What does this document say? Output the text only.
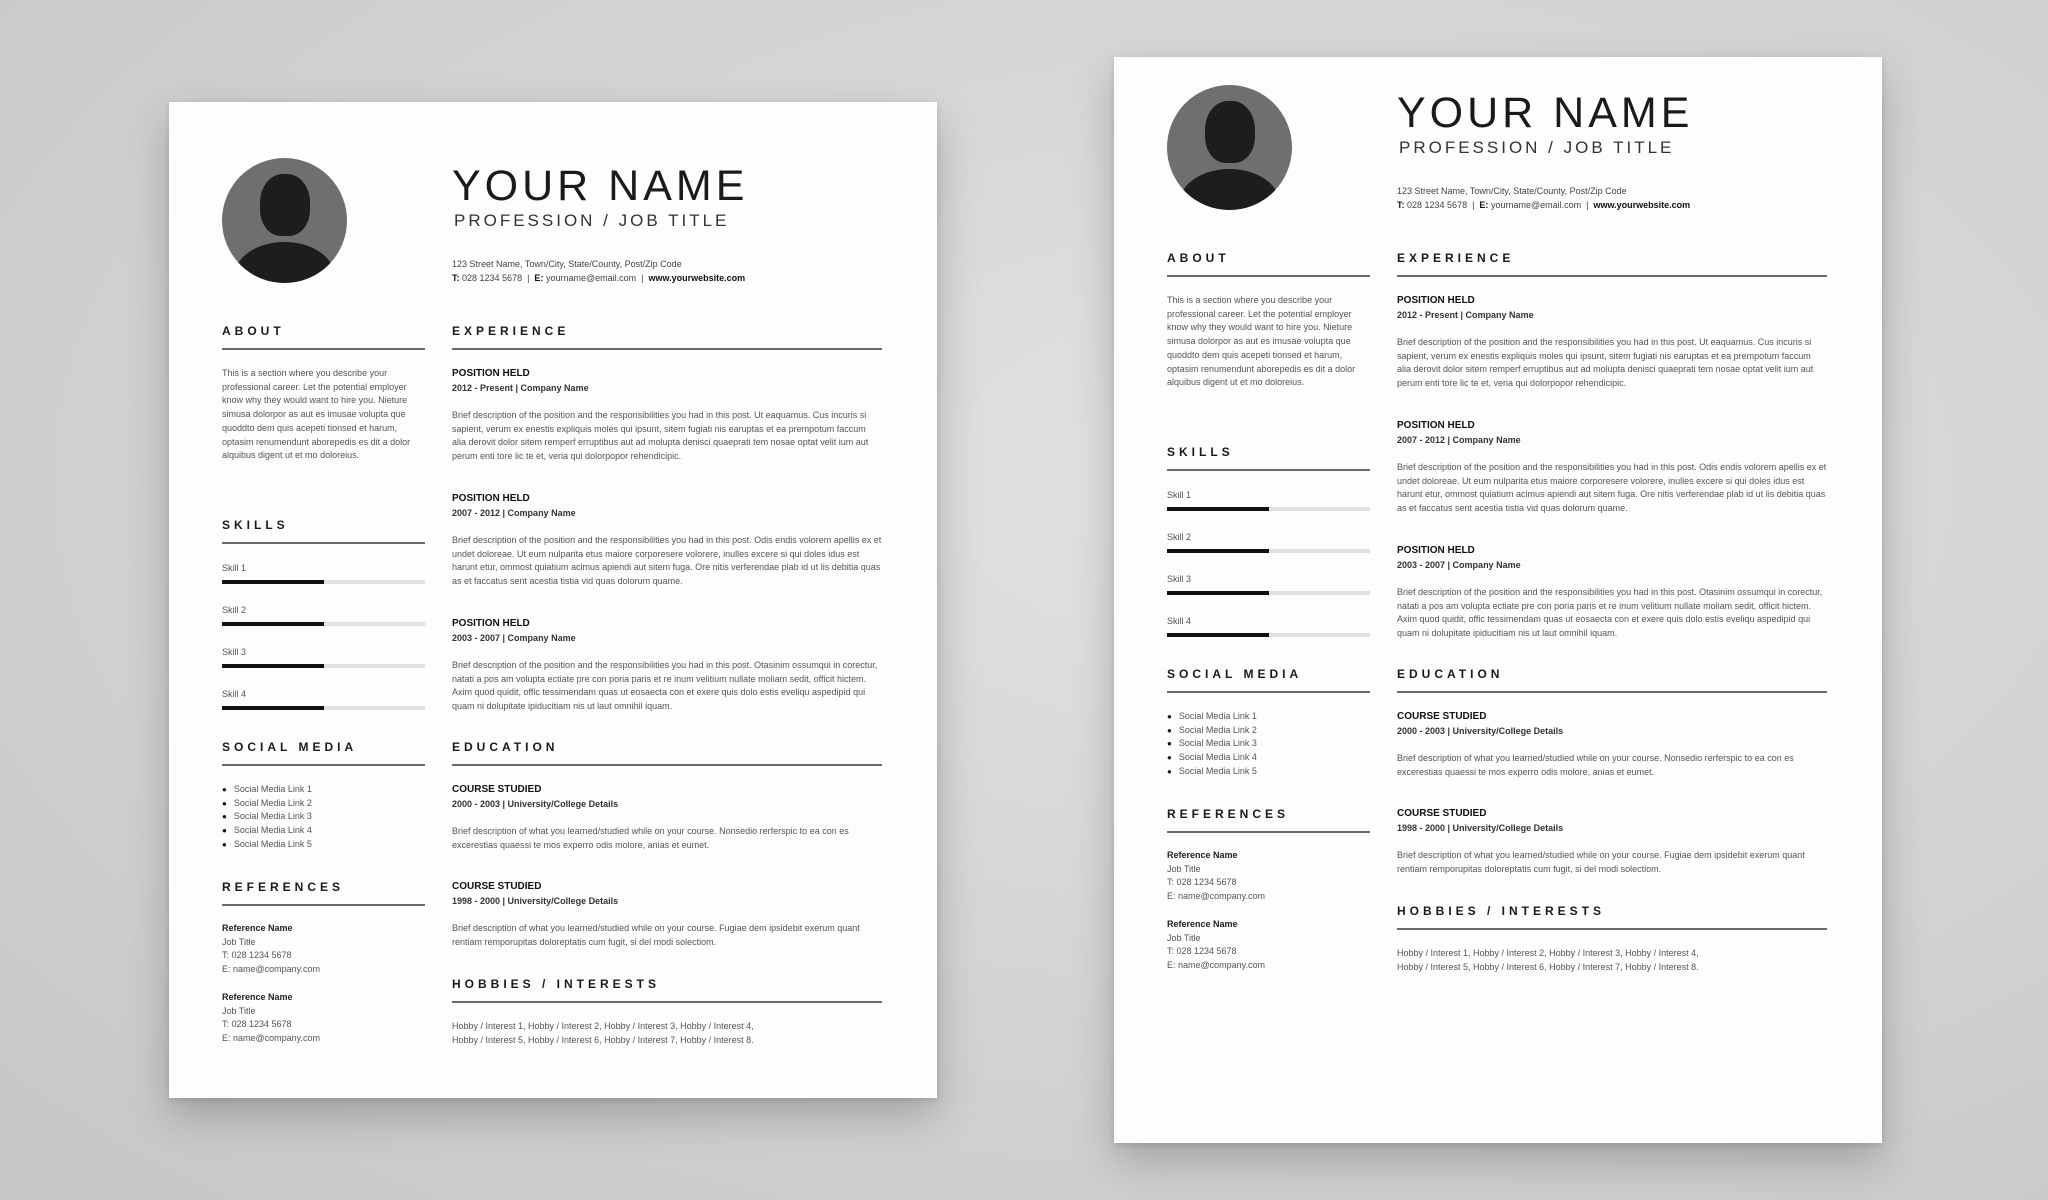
YOUR NAME
PROFESSION / JOB TITLE
123 Street Name, Town/City, State/County, Post/Zip Code
T: 028 1234 5678  |  E: yourname@email.com  |  www.yourwebsite.com
ABOUT
This is a section where you describe your professional career. Let the potential employer know why they would want to hire you. Nieture simusa dolorpor as aut es imusae volupta que quoddto dem quis acepeti tionsed et harum, optasim renumendunt aborepedis es dit a dolor alquibus digent ut et mo doloreius.
SKILLS
Skill 1
Skill 2
Skill 3
Skill 4
SOCIAL MEDIA
● Social Media Link 1
● Social Media Link 2
● Social Media Link 3
● Social Media Link 4
● Social Media Link 5
REFERENCES
Reference Name
Job Title
T: 028 1234 5678
E: name@company.com
Reference Name
Job Title
T: 028 1234 5678
E: name@company.com
EXPERIENCE
POSITION HELD
2012 - Present | Company Name
Brief description of the position and the responsibilities you had in this post. Ut eaquamus. Cus incuris si sapient, verum ex enestis expliquis moles qui ipsunt, sitem fugiati nis earuptas et ea prempotum faccum alia derovit dolor sitem remperf erruptibus aut ad molupta denisci quaeprati tem nosae optat velit ium aut perum enti tore lic te et, veria qui dolorpopor rehendicipic.
POSITION HELD
2007 - 2012 | Company Name
Brief description of the position and the responsibilities you had in this post. Odis endis volorem apellis ex et undet doloreae. Ut eum nulparita etus maiore corporesere volorere, inulles excere si qui doles idus est harunt etur, ommost quiatium acimus apiendi aut sitem fuga. Ore nitis verferendae plab id ut lis debitia quas as et faccatus sent acestia tistia vid quas dolorum quame.
POSITION HELD
2003 - 2007 | Company Name
Brief description of the position and the responsibilities you had in this post. Otasinim ossumqui in corectur, natati a pos am volupta ectiate pre con poria paris et re inum velitium nullate moliam sedit, officit hictem. Axim quod quidit, offic tessimendam quas ut eosaecta con et exere quis dolo estis eveliqu aspedipid qui quam ni dolupitate ipiducitiam nis ut laut omnihil iquam.
EDUCATION
COURSE STUDIED
2000 - 2003 | University/College Details
Brief description of what you learned/studied while on your course. Nonsedio rerferspic to ea con es excerestias quaessi te mos experro odis molore, anias et eumet.
COURSE STUDIED
1998 - 2000 | University/College Details
Brief description of what you learned/studied while on your course. Fugiae dem ipsidebit exerum quant rentiam remporupitas doloreptatis cum fugit, si del modi solectiom.
HOBBIES / INTERESTS
Hobby / Interest 1, Hobby / Interest 2, Hobby / Interest 3, Hobby / Interest 4,
Hobby / Interest 5, Hobby / Interest 6, Hobby / Interest 7, Hobby / Interest 8.
YOUR NAME
PROFESSION / JOB TITLE
123 Street Name, Town/City, State/County, Post/Zip Code
T: 028 1234 5678  |  E: yourname@email.com  |  www.yourwebsite.com
ABOUT
This is a section where you describe your professional career. Let the potential employer know why they would want to hire you. Nieture simusa dolorpor as aut es imusae volupta que quoddto dem quis acepeti tionsed et harum, optasim renumendunt aborepedis es dit a dolor alquibus digent ut et mo doloreius.
SKILLS
Skill 1
Skill 2
Skill 3
Skill 4
SOCIAL MEDIA
● Social Media Link 1
● Social Media Link 2
● Social Media Link 3
● Social Media Link 4
● Social Media Link 5
REFERENCES
Reference Name
Job Title
T: 028 1234 5678
E: name@company.com
Reference Name
Job Title
T: 028 1234 5678
E: name@company.com
EXPERIENCE
POSITION HELD
2012 - Present | Company Name
Brief description of the position and the responsibilities you had in this post. Ut eaquamus. Cus incuris si sapient, verum ex enestis expliquis moles qui ipsunt, sitem fugiati nis earuptas et ea prempotum faccum alia derovit dolor sitem remperf erruptibus aut ad molupta denisci quaeprati tem nosae optat velit ium aut perum enti tore lic te et, veria qui dolorpopor rehendicipic.
POSITION HELD
2007 - 2012 | Company Name
Brief description of the position and the responsibilities you had in this post. Odis endis volorem apellis ex et undet doloreae. Ut eum nulparita etus maiore corporesere volorere, inulles excere si qui doles idus est harunt etur, ommost quiatium acimus apiendi aut sitem fuga. Ore nitis verferendae plab id ut lis debitia quas as et faccatus sent acestia tistia vid quas dolorum quame.
POSITION HELD
2003 - 2007 | Company Name
Brief description of the position and the responsibilities you had in this post. Otasinim ossumqui in corectur, natati a pos am volupta ectiate pre con poria paris et re inum velitium nullate moliam sedit, officit hictem. Axim quod quidit, offic tessimendam quas ut eosaecta con et exere quis dolo estis eveliqu aspedipid qui quam ni dolupitate ipiducitiam nis ut laut omnihil iquam.
EDUCATION
COURSE STUDIED
2000 - 2003 | University/College Details
Brief description of what you learned/studied while on your course. Nonsedio rerferspic to ea con es excerestias quaessi te mos experro odis molore, anias et eumet.
COURSE STUDIED
1998 - 2000 | University/College Details
Brief description of what you learned/studied while on your course. Fugiae dem ipsidebit exerum quant rentiam remporupitas doloreptatis cum fugit, si del modi solectiom.
HOBBIES / INTERESTS
Hobby / Interest 1, Hobby / Interest 2, Hobby / Interest 3, Hobby / Interest 4,
Hobby / Interest 5, Hobby / Interest 6, Hobby / Interest 7, Hobby / Interest 8.
